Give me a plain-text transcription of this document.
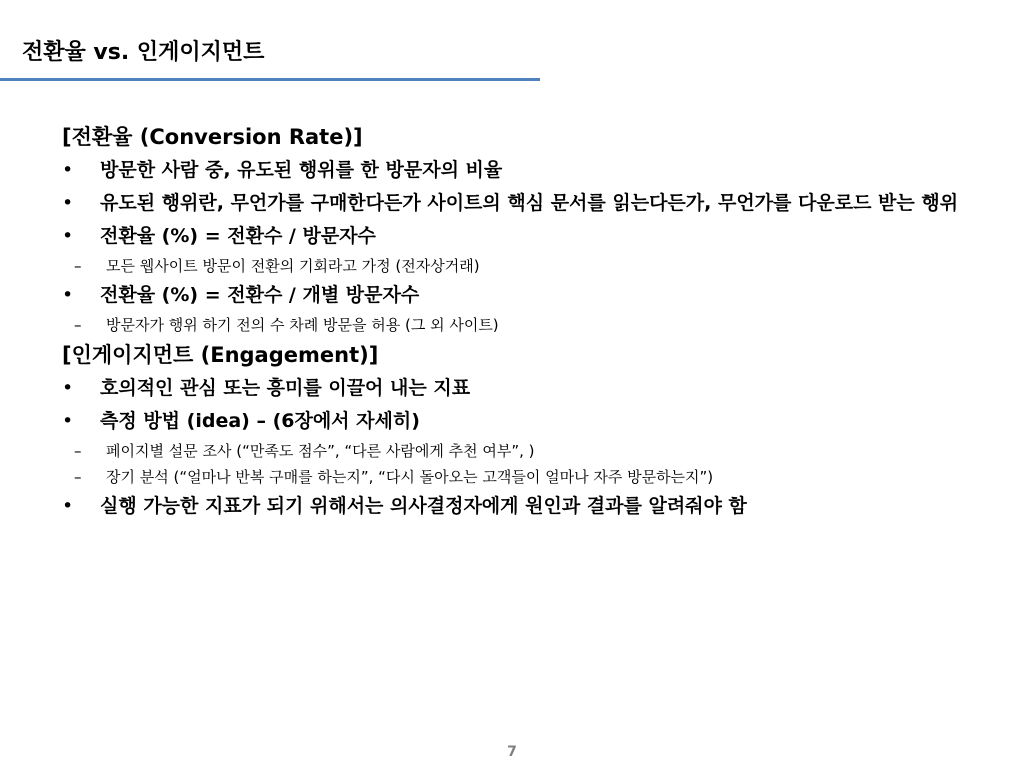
전환율 vs. 인게이지먼트
[전환율 (Conversion Rate)]
• 방문한 사람 중, 유도된 행위를 한 방문자의 비율
• 유도된 행위란, 무언가를 구매한다든가 사이트의 핵심 문서를 읽는다든가, 무언가를 다운로드 받는 행위
• 전환율 (%) = 전환수 / 방문자수
– 모든 웹사이트 방문이 전환의 기회라고 가정 (전자상거래)
• 전환율 (%) = 전환수 / 개별 방문자수
– 방문자가 행위 하기 전의 수 차례 방문을 허용 (그 외 사이트)
[인게이지먼트 (Engagement)]
• 호의적인 관심 또는 흥미를 이끌어 내는 지표
• 측정 방법 (idea) – (6장에서 자세히)
– 페이지별 설문 조사 (“만족도 점수”, “다른 사람에게 추천 여부”, )
– 장기 분석 (“얼마나 반복 구매를 하는지”, “다시 돌아오는 고객들이 얼마나 자주 방문하는지”)
• 실행 가능한 지표가 되기 위해서는 의사결정자에게 원인과 결과를 알려줘야 함
7
